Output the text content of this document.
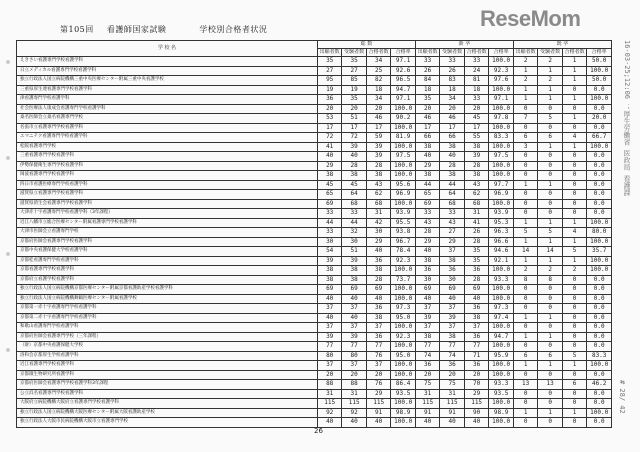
第105回 看護師国家試験	学校別合格者状況	ReseMom
16-03-25;12:06 ；厚生労働省 医政局 看護課
# 28/ 42
学 校 名	総 数				新 卒				既 卒			
	出願者数	受験者数	合格者数	合格率	出願者数	受験者数	合格者数	合格率	出願者数	受験者数	合格者数	合格率
えきさい看護専門学校看護学科	35	35	34	97.1	33	33	33	100.0	2	2	1	50.0
日立メディカル看護専門学校看護学科	27	27	25	92.6	26	26	24	92.3	1	1	1	100.0
独立行政法人国立病院機構三重中央医療センター附属三重中央看護学校	95	85	82	96.5	84	83	81	97.6	2	2	1	50.0
三重県厚生連看護専門学校看護学科	19	19	18	94.7	18	18	18	100.0	1	1	0	0.0
津看護専門学校看護学科	36	35	34	97.1	35	34	33	97.1	1	1	1	100.0
社会医療法人康成会看護専門学校看護学科	20	20	20	100.0	20	20	20	100.0	0	0	0	0.0
桑名医師会立桑名看護専門学校	53	51	46	90.2	46	46	45	97.8	7	5	1	20.0
名張市立看護専門学校看護学科	17	17	17	100.0	17	17	17	100.0	0	0	0	0.0
ユマニテク看護専門学校看護学科	72	72	59	81.9	66	66	55	83.3	6	6	4	66.7
松阪看護専門学校	41	39	39	100.0	38	38	38	100.0	3	1	1	100.0
三重看護専門学校看護学科	40	40	39	97.5	40	40	39	97.5	0	0	0	0.0
伊勢保健衛生専門学校看護学科	29	28	28	100.0	29	28	28	100.0	0	0	0	0.0
岡波看護専門学校看護学科	38	38	38	100.0	38	38	38	100.0	0	0	0	0.0
四日市看護医療専門学校看護学科	45	45	43	95.6	44	44	43	97.7	1	1	0	0.0
滋賀県立看護専門学校看護学科	65	64	62	96.9	65	64	62	96.9	0	0	0	0.0
滋賀県済生会看護専門学校看護学科	69	68	68	100.0	69	68	68	100.0	0	0	0	0.0
大津赤十字看護専門学校看護学科（3年課程）	33	33	31	93.9	33	33	31	93.9	0	0	0	0.0
近江八幡市立総合医療センター附属看護専門学校看護学科	44	44	42	95.5	43	43	41	95.3	1	1	1	100.0
大津市医師会立看護専門学校	33	32	30	93.8	28	27	26	96.3	5	5	4	80.0
京都府医師会看護専門学校看護学科	30	30	29	96.7	29	29	28	96.6	1	1	1	100.0
京都中央看護保健大学校看護学科	54	51	40	78.4	40	37	35	94.6	14	14	5	35.7
京都桂看護専門学校看護学科	39	39	36	92.3	38	38	35	92.1	1	1	1	100.0
京都看護専門学校看護学科	38	38	38	100.0	36	36	36	100.0	2	2	2	100.0
京都府立看護学校看護学科	38	38	28	73.7	30	30	28	93.3	8	8	0	0.0
独立行政法人国立病院機構京都医療センター附属京都看護助産学校看護学科	69	69	69	100.0	69	69	69	100.0	0	0	0	0.0
独立行政法人国立病院機構舞鶴医療センター附属看護学校	40	40	40	100.0	40	40	40	100.0	0	0	0	0.0
京都第一赤十字看護専門学校看護学科	37	37	36	97.3	37	37	36	97.3	0	0	0	0.0
京都第二赤十字看護専門学校看護学科	40	40	38	95.0	39	39	38	97.4	1	1	0	0.0
和歌山看護専門学校看護学科	37	37	37	100.0	37	37	37	100.0	0	0	0	0.0
京都府医師会看護専門学校（三年課程）	39	39	36	92.3	38	38	36	94.7	1	1	0	0.0
（財）京都中央看護保健大学校	77	77	77	100.0	77	77	77	100.0	0	0	0	0.0
洛和会京都厚生学校看護学科	80	80	76	95.0	74	74	71	95.9	6	6	5	83.3
近江看護専門学校看護学科	37	37	37	100.0	36	36	36	100.0	1	1	1	100.0
京都微生物研究所看護学科	20	20	20	100.0	20	20	20	100.0	0	0	0	0.0
京都府医師会看護専門学校看護学科3年課程	88	88	76	86.4	75	75	70	93.3	13	13	6	46.2
公立浜名看護専門学校看護学科	31	31	29	93.5	31	31	29	93.5	0	0	0	0.0
大阪府立病院機構大阪府立看護専門学校看護学科	115	115	115	100.0	115	115	115	100.0	0	0	0	0.0
独立行政法人国立病院機構大阪医療センター附属大阪看護助産学校	92	92	91	98.9	91	91	90	98.9	1	1	1	100.0
独立行政法人大阪市民病院機構大阪市立看護専門学校	40	40	40	100.0	40	40	40	100.0	0	0	0	0.0
26
